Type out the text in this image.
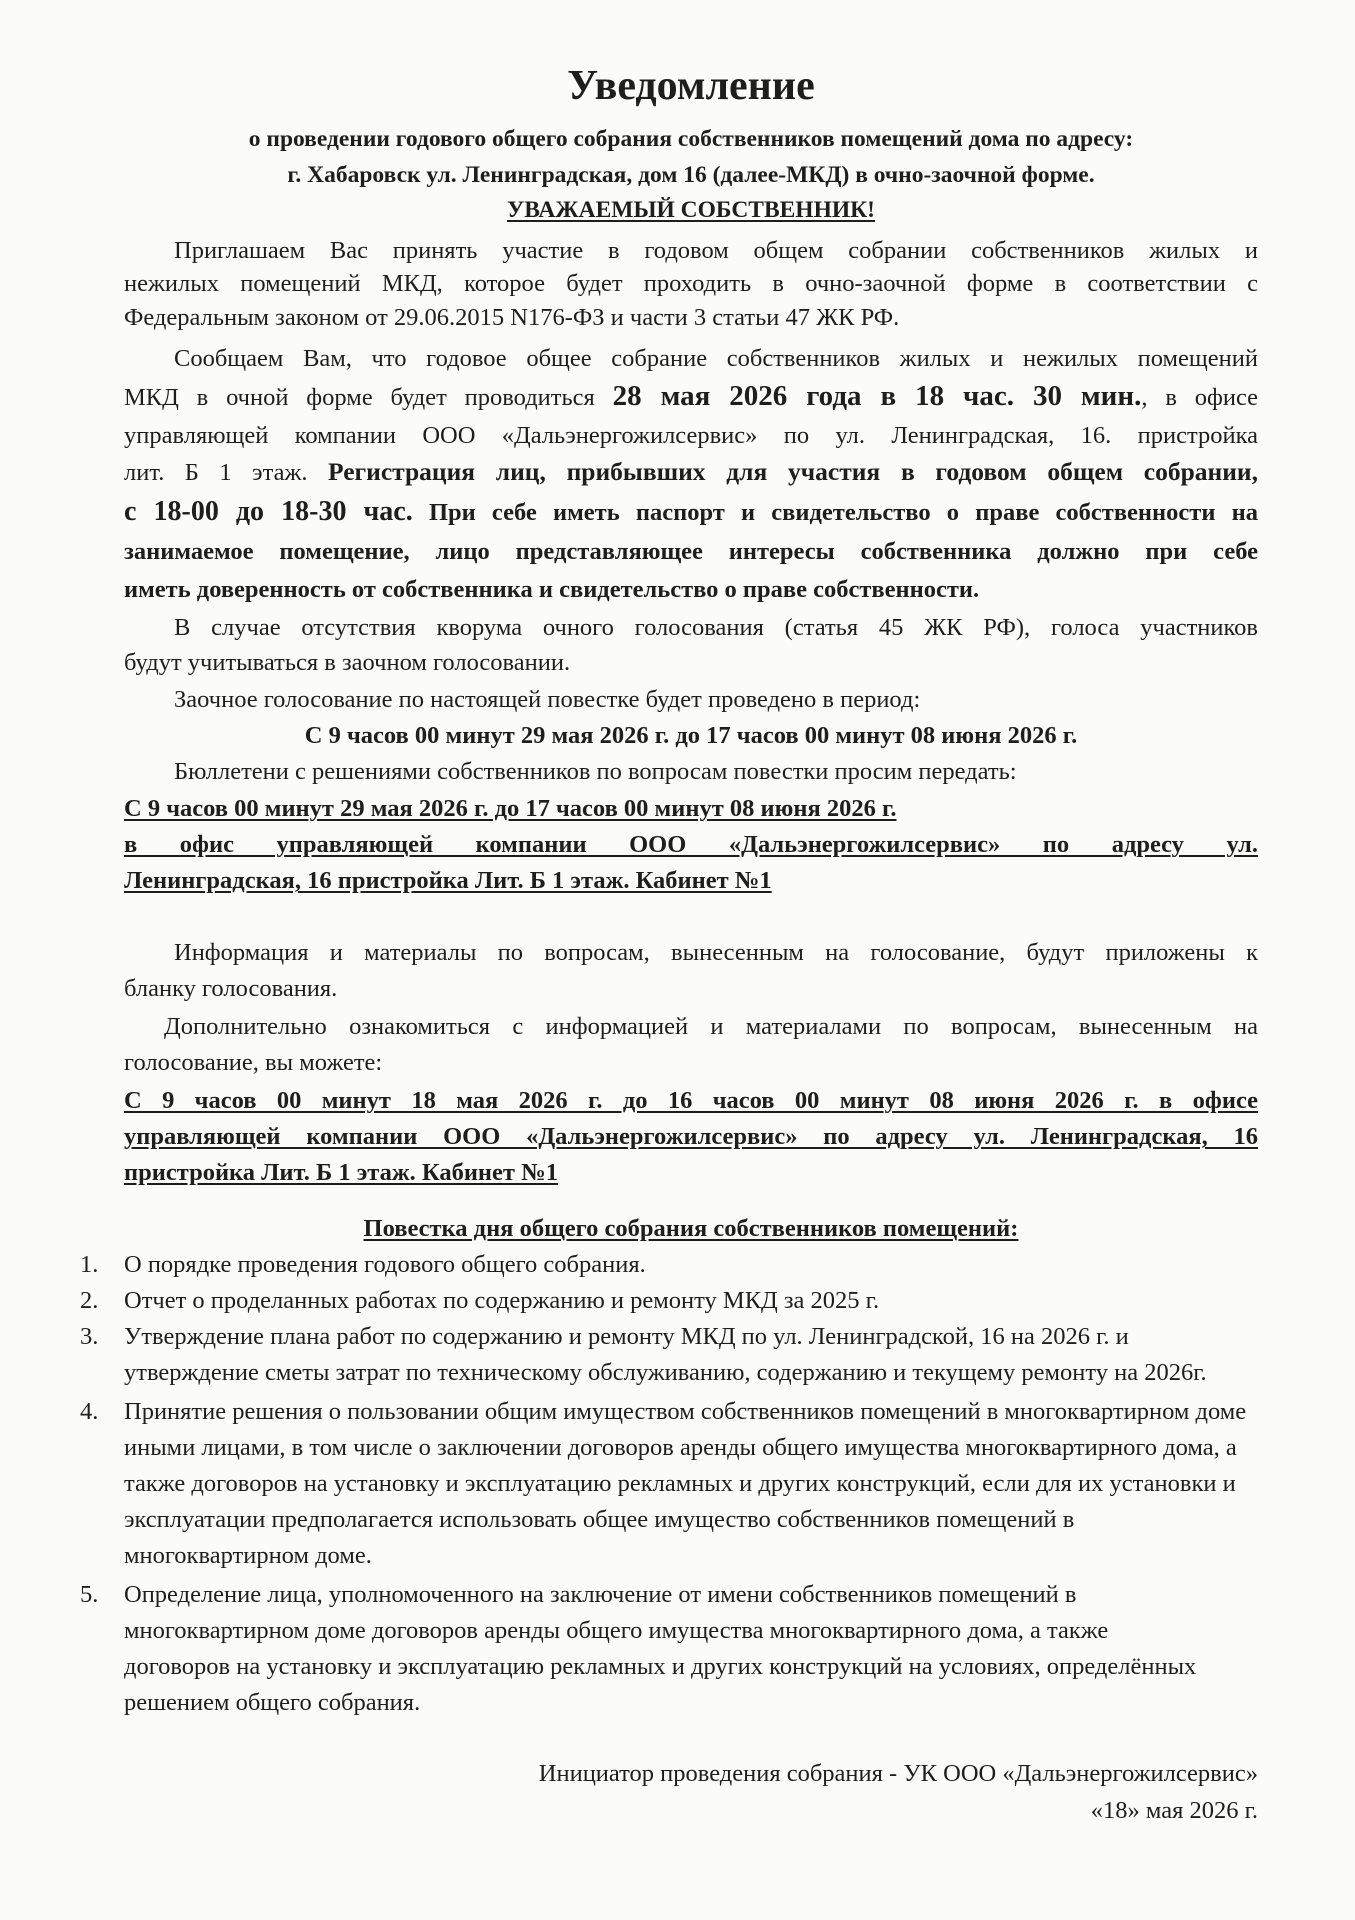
Уведомление
о проведении годового общего собрания собственников помещений дома по адресу:
г. Хабаровск ул. Ленинградская, дом 16 (далее-МКД) в очно-заочной форме.
УВАЖАЕМЫЙ СОБСТВЕННИК!
Приглашаем Вас принять участие в годовом общем собрании собственников жилых и
нежилых помещений МКД, которое будет проходить в очно-заочной форме в соответствии с
Федеральным законом от 29.06.2015 N176-ФЗ и части 3 статьи 47 ЖК РФ.
Сообщаем Вам, что годовое общее собрание собственников жилых и нежилых помещений
МКД в очной форме будет проводиться 28 мая 2026 года в 18 час. 30 мин., в офисе
управляющей компании ООО «Дальэнергожилсервис» по ул. Ленинградская, 16. пристройка
лит. Б 1 этаж. Регистрация лиц, прибывших для участия в годовом общем собрании,
с 18-00 до 18-30 час. При себе иметь паспорт и свидетельство о праве собственности на
занимаемое помещение, лицо представляющее интересы собственника должно при себе
иметь доверенность от собственника и свидетельство о праве собственности.
В случае отсутствия кворума очного голосования (статья 45 ЖК РФ), голоса участников
будут учитываться в заочном голосовании.
Заочное голосование по настоящей повестке будет проведено в период:
С 9 часов 00 минут 29 мая 2026 г. до 17 часов 00 минут 08 июня 2026 г.
Бюллетени с решениями собственников по вопросам повестки просим передать:
С 9 часов 00 минут 29 мая 2026 г. до 17 часов 00 минут 08 июня 2026 г.
в офис управляющей компании ООО «Дальэнергожилсервис» по адресу ул.
Ленинградская, 16 пристройка Лит. Б 1 этаж. Кабинет №1
Информация и материалы по вопросам, вынесенным на голосование, будут приложены к
бланку голосования.
Дополнительно ознакомиться с информацией и материалами по вопросам, вынесенным на
голосование, вы можете:
С 9 часов 00 минут 18 мая 2026 г. до 16 часов 00 минут 08 июня 2026 г. в офисе
управляющей компании ООО «Дальэнергожилсервис» по адресу ул. Ленинградская, 16
пристройка Лит. Б 1 этаж. Кабинет №1
Повестка дня общего собрания собственников помещений:
1.	О порядке проведения годового общего собрания.
2.	Отчет о проделанных работах по содержанию и ремонту МКД за 2025 г.
3.	Утверждение плана работ по содержанию и ремонту МКД по ул. Ленинградской, 16 на 2026 г. и утверждение сметы затрат по техническому обслуживанию, содержанию и текущему ремонту на 2026г.
4.	Принятие решения о пользовании общим имуществом собственников помещений в многоквартирном доме иными лицами, в том числе о заключении договоров аренды общего имущества многоквартирного дома, а также договоров на установку и эксплуатацию рекламных и других конструкций, если для их установки и эксплуатации предполагается использовать общее имущество собственников помещений в многоквартирном доме.
5.	Определение лица, уполномоченного на заключение от имени собственников помещений в многоквартирном доме договоров аренды общего имущества многоквартирного дома, а также договоров на установку и эксплуатацию рекламных и других конструкций на условиях, определённых решением общего собрания.
Инициатор проведения собрания - УК ООО «Дальэнергожилсервис»
«18» мая 2026 г.
